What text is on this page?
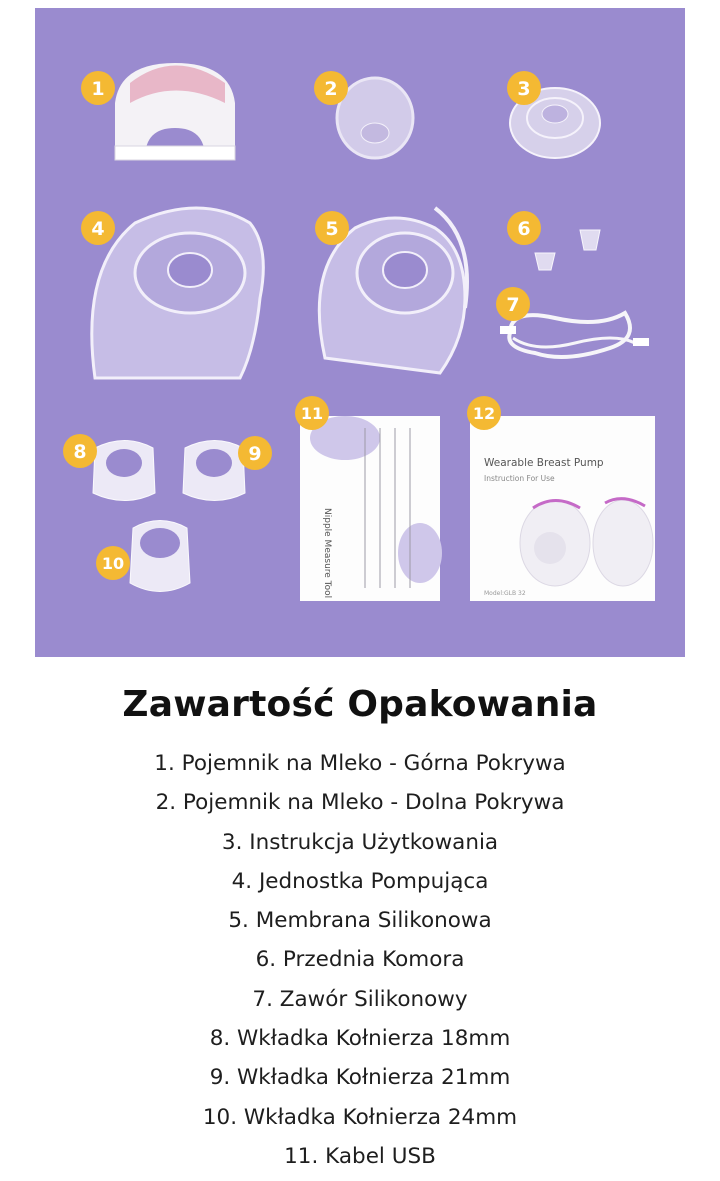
Nipple Measure Tool
Wearable Breast Pump
Instruction For Use
Model:GLB 32
1	2	3
4	5	6
7
8	9
10
11	12
Zawartość Opakowania
1. Pojemnik na Mleko - Górna Pokrywa
2. Pojemnik na Mleko - Dolna Pokrywa
3. Instrukcja Użytkowania
4. Jednostka Pompująca
5. Membrana Silikonowa
6. Przednia Komora
7. Zawór Silikonowy
8. Wkładka Kołnierza 18mm
9. Wkładka Kołnierza 21mm
10. Wkładka Kołnierza 24mm
11. Kabel USB
